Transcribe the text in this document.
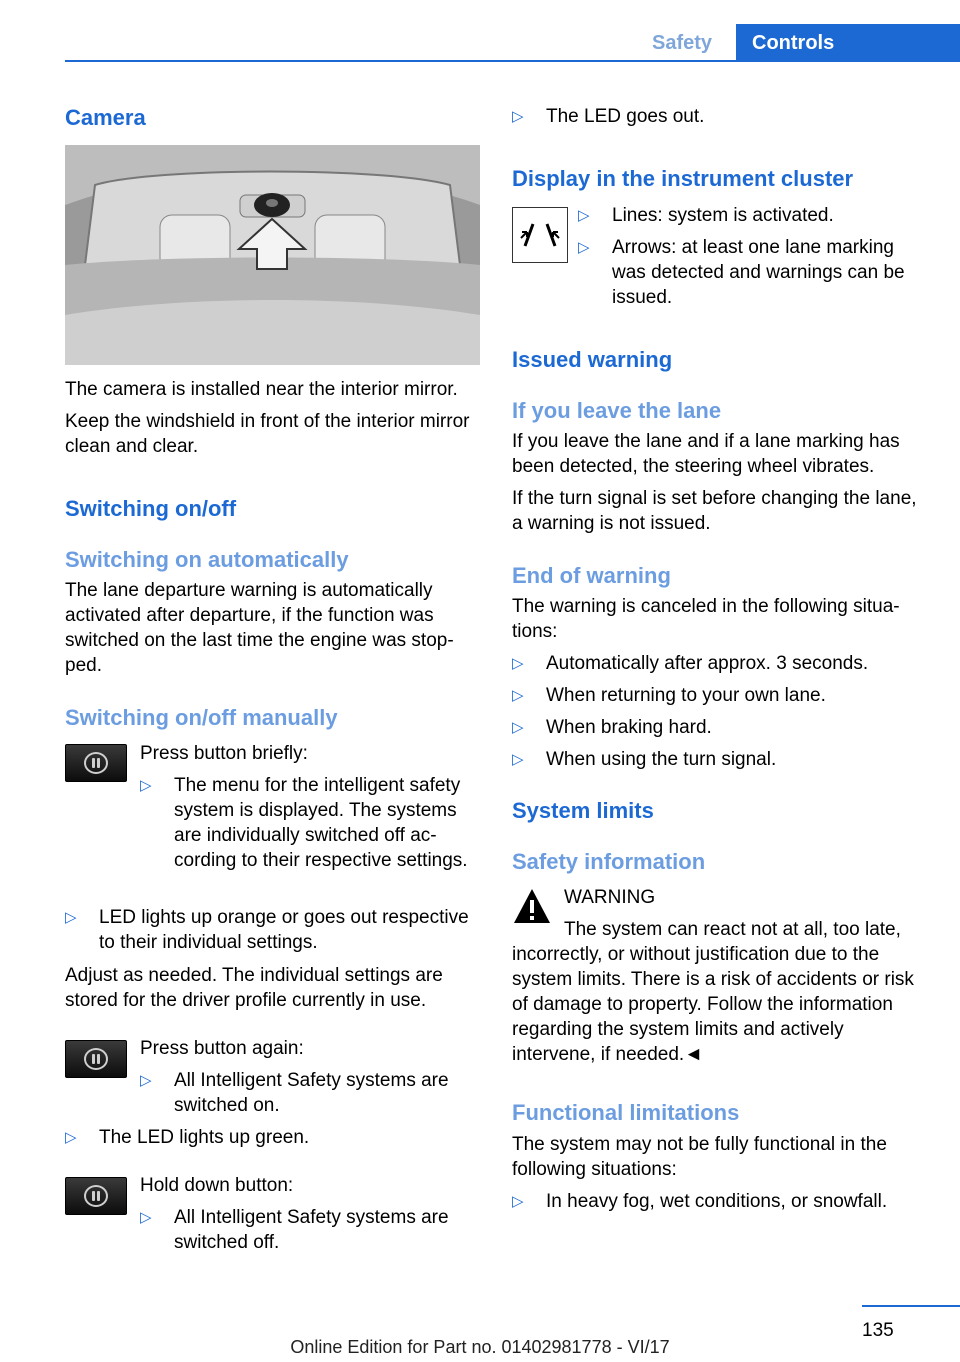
Safety	Controls
Camera
The camera is installed near the interior mirror.
Keep the windshield in front of the interior mirror clean and clear.
Switching on/off
Switching on automatically
The lane departure warning is automatically activated after departure, if the function was switched on the last time the engine was stopped.
Switching on/off manually
Press button briefly:
▷	The menu for the intelligent safety system is displayed. The systems are individually switched off according to their respective settings.
▷	LED lights up orange or goes out respective to their individual settings.
Adjust as needed. The individual settings are stored for the driver profile currently in use.
Press button again:
▷	All Intelligent Safety systems are switched on.
▷	The LED lights up green.
Hold down button:
▷	All Intelligent Safety systems are switched off.
▷	The LED goes out.
Display in the instrument cluster
▷	Lines: system is activated.
▷	Arrows: at least one lane marking was detected and warnings can be issued.
Issued warning
If you leave the lane
If you leave the lane and if a lane marking has been detected, the steering wheel vibrates.
If the turn signal is set before changing the lane, a warning is not issued.
End of warning
The warning is canceled in the following situations:
▷	Automatically after approx. 3 seconds.
▷	When returning to your own lane.
▷	When braking hard.
▷	When using the turn signal.
System limits
Safety information
WARNING
The system can react not at all, too late,
incorrectly, or without justification due to the system limits. There is a risk of accidents or risk of damage to property. Follow the information regarding the system limits and actively intervene, if needed.◄
Functional limitations
The system may not be fully functional in the following situations:
▷	In heavy fog, wet conditions, or snowfall.
135
Online Edition for Part no. 01402981778 - VI/17
